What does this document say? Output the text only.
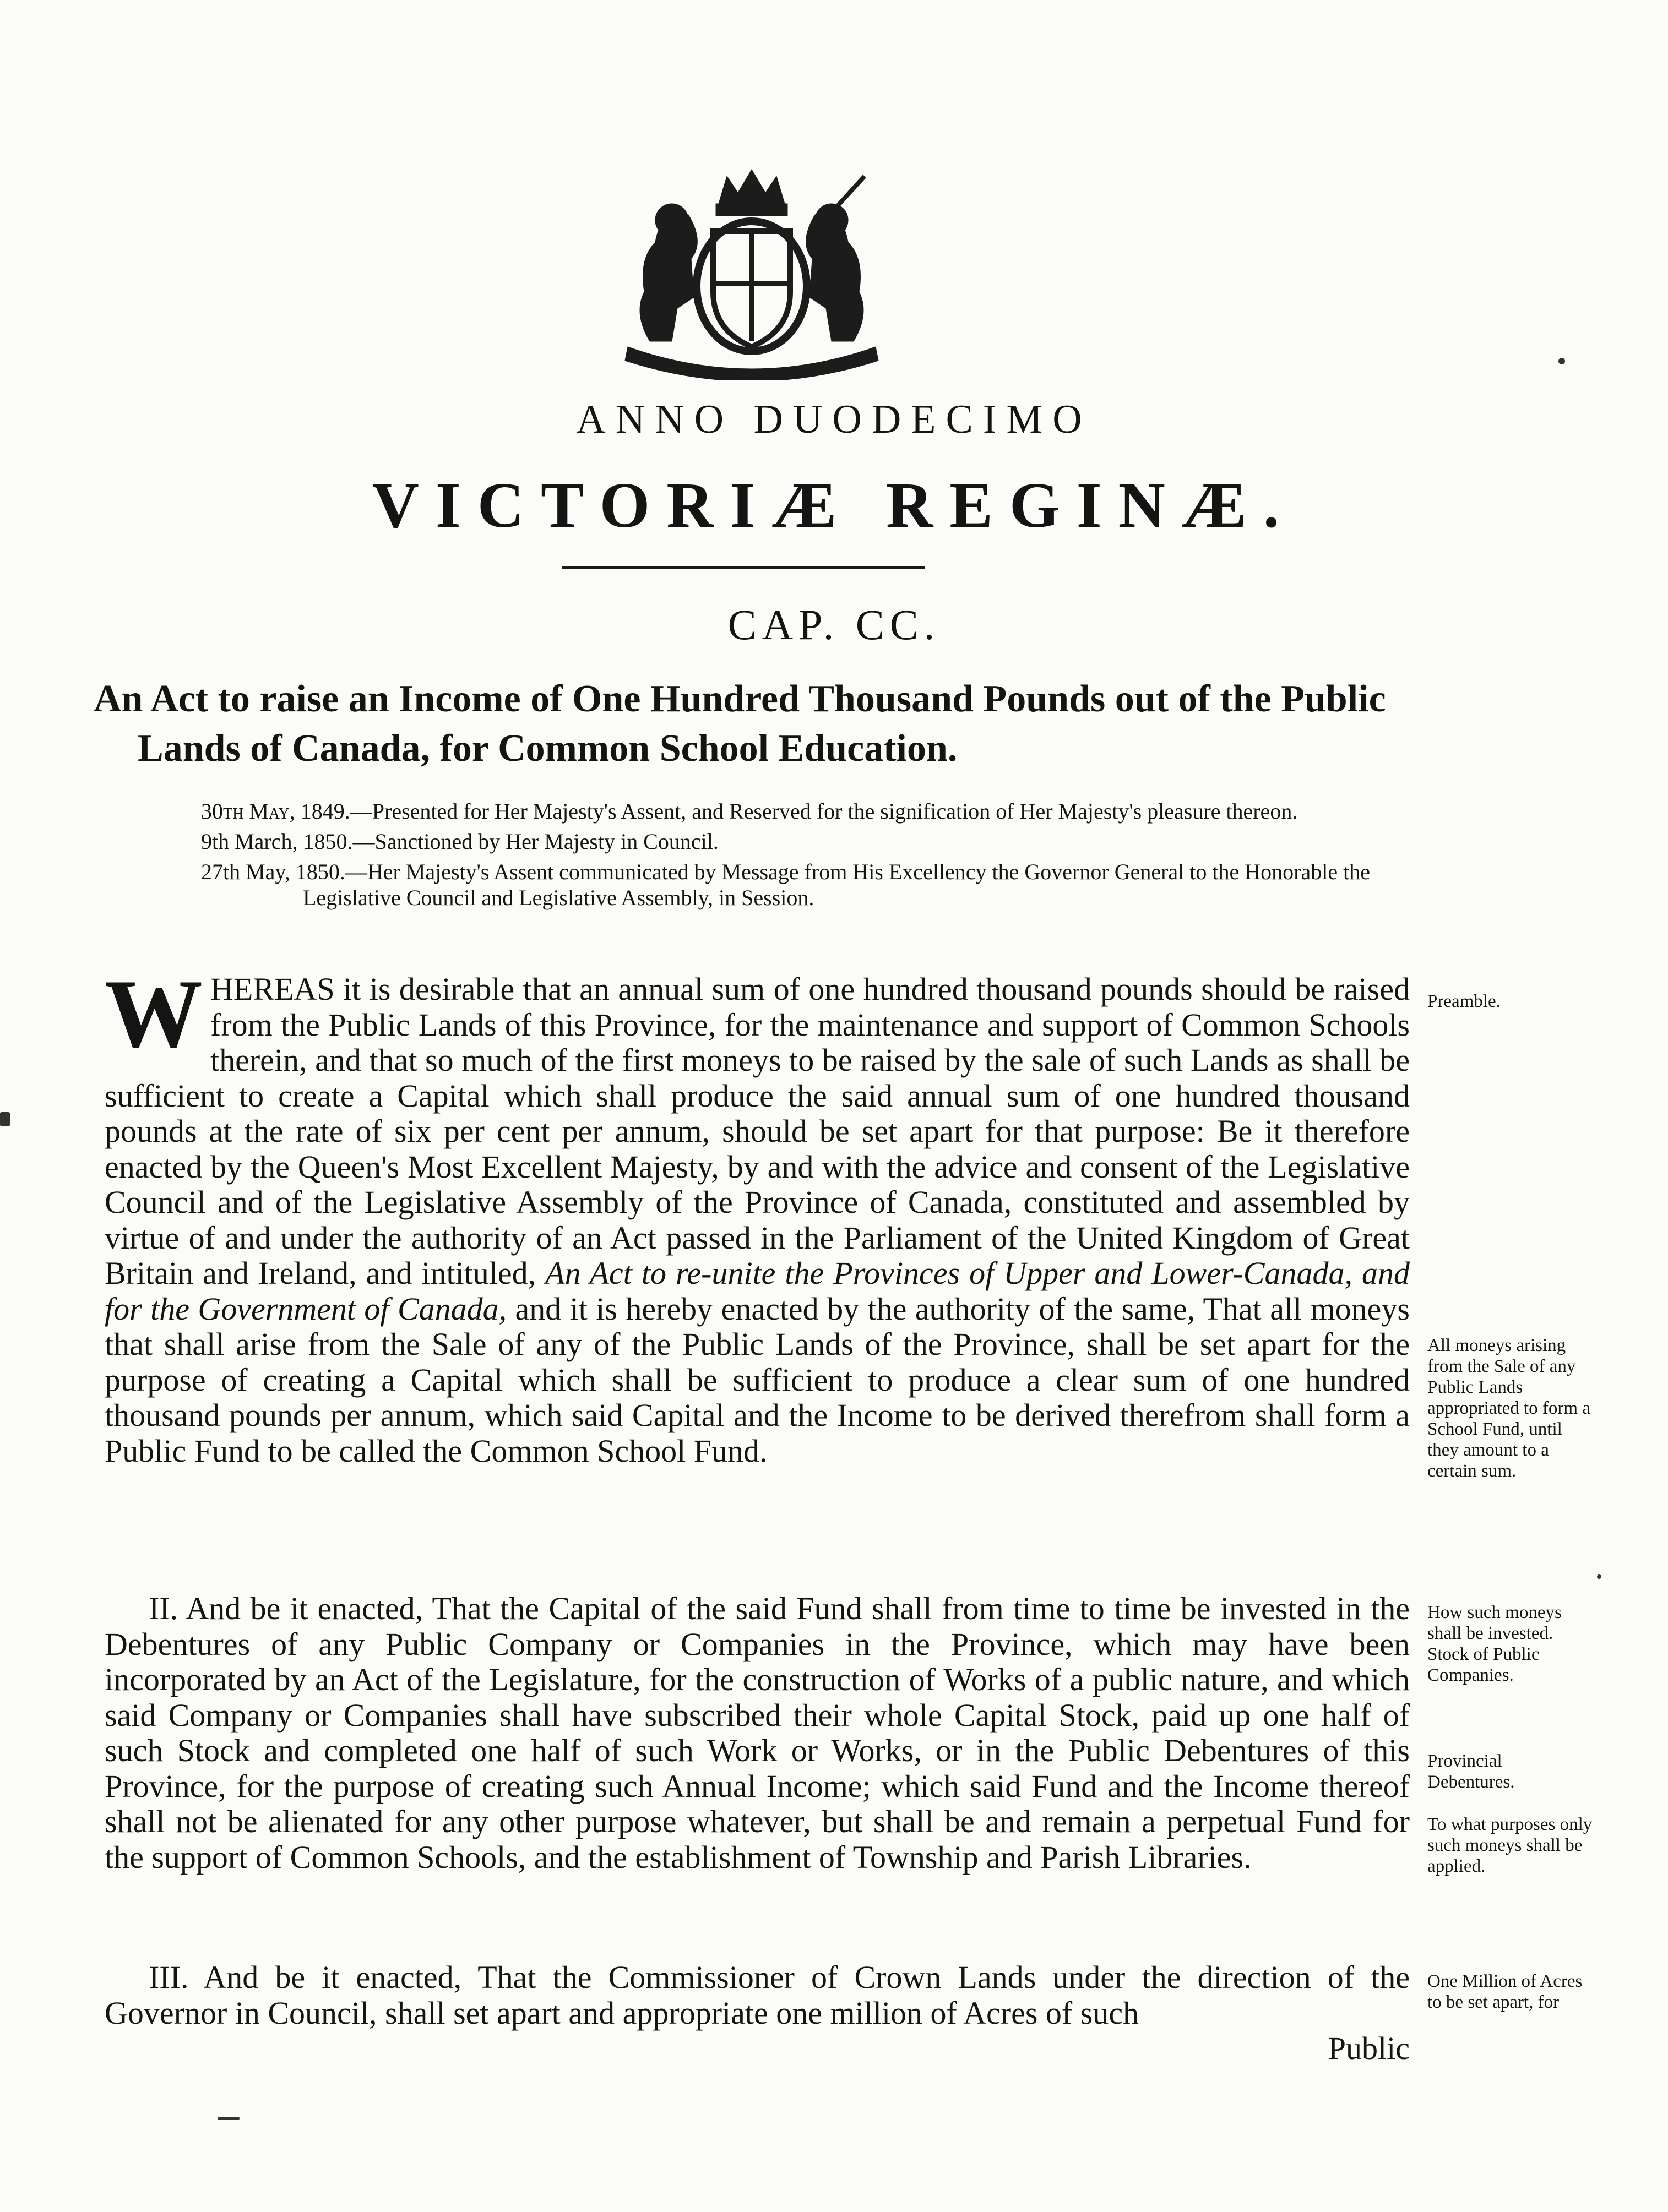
ANNO DUODECIMO
VICTORIÆ REGINÆ.
CAP. CC.
An Act to raise an Income of One Hundred Thousand Pounds out of the Public Lands of Canada, for Common School Education.

30th May, 1849.—Presented for Her Majesty's Assent, and Reserved for the signification of Her Majesty's pleasure thereon.

9th March, 1850.—Sanctioned by Her Majesty in Council.

27th May, 1850.—Her Majesty's Assent communicated by Message from His Excellency the Governor General to the Honorable the Legislative Council and Legislative Assembly, in Session.

WHEREAS it is desirable that an annual sum of one hundred thousand pounds should be raised from the Public Lands of this Province, for the maintenance and support of Common Schools therein, and that so much of the first moneys to be raised by the sale of such Lands as shall be sufficient to create a Capital which shall produce the said annual sum of one hundred thousand pounds at the rate of six per cent per annum, should be set apart for that purpose: Be it therefore enacted by the Queen's Most Excellent Majesty, by and with the advice and consent of the Legislative Council and of the Legislative Assembly of the Province of Canada, constituted and assembled by virtue of and under the authority of an Act passed in the Parliament of the United Kingdom of Great Britain and Ireland, and intituled, An Act to re-unite the Provinces of Upper and Lower-Canada, and for the Government of Canada, and it is hereby enacted by the authority of the same, That all moneys that shall arise from the Sale of any of the Public Lands of the Province, shall be set apart for the purpose of creating a Capital which shall be sufficient to produce a clear sum of one hundred thousand pounds per annum, which said Capital and the Income to be derived therefrom shall form a Public Fund to be called the Common School Fund.

II. And be it enacted, That the Capital of the said Fund shall from time to time be invested in the Debentures of any Public Company or Companies in the Province, which may have been incorporated by an Act of the Legislature, for the construction of Works of a public nature, and which said Company or Companies shall have subscribed their whole Capital Stock, paid up one half of such Stock and completed one half of such Work or Works, or in the Public Debentures of this Province, for the purpose of creating such Annual Income; which said Fund and the Income thereof shall not be alienated for any other purpose whatever, but shall be and remain a perpetual Fund for the support of Common Schools, and the establishment of Township and Parish Libraries.

III. And be it enacted, That the Commissioner of Crown Lands under the direction of the Governor in Council, shall set apart and appropriate one million of Acres of such

Public

Preamble.
All moneys arising from the Sale of any Public Lands appropriated to form a School Fund, until they amount to a certain sum.
How such moneys shall be invested. Stock of Public Companies.
Provincial Debentures.
To what purposes only such moneys shall be applied.
One Million of Acres to be set apart, for
